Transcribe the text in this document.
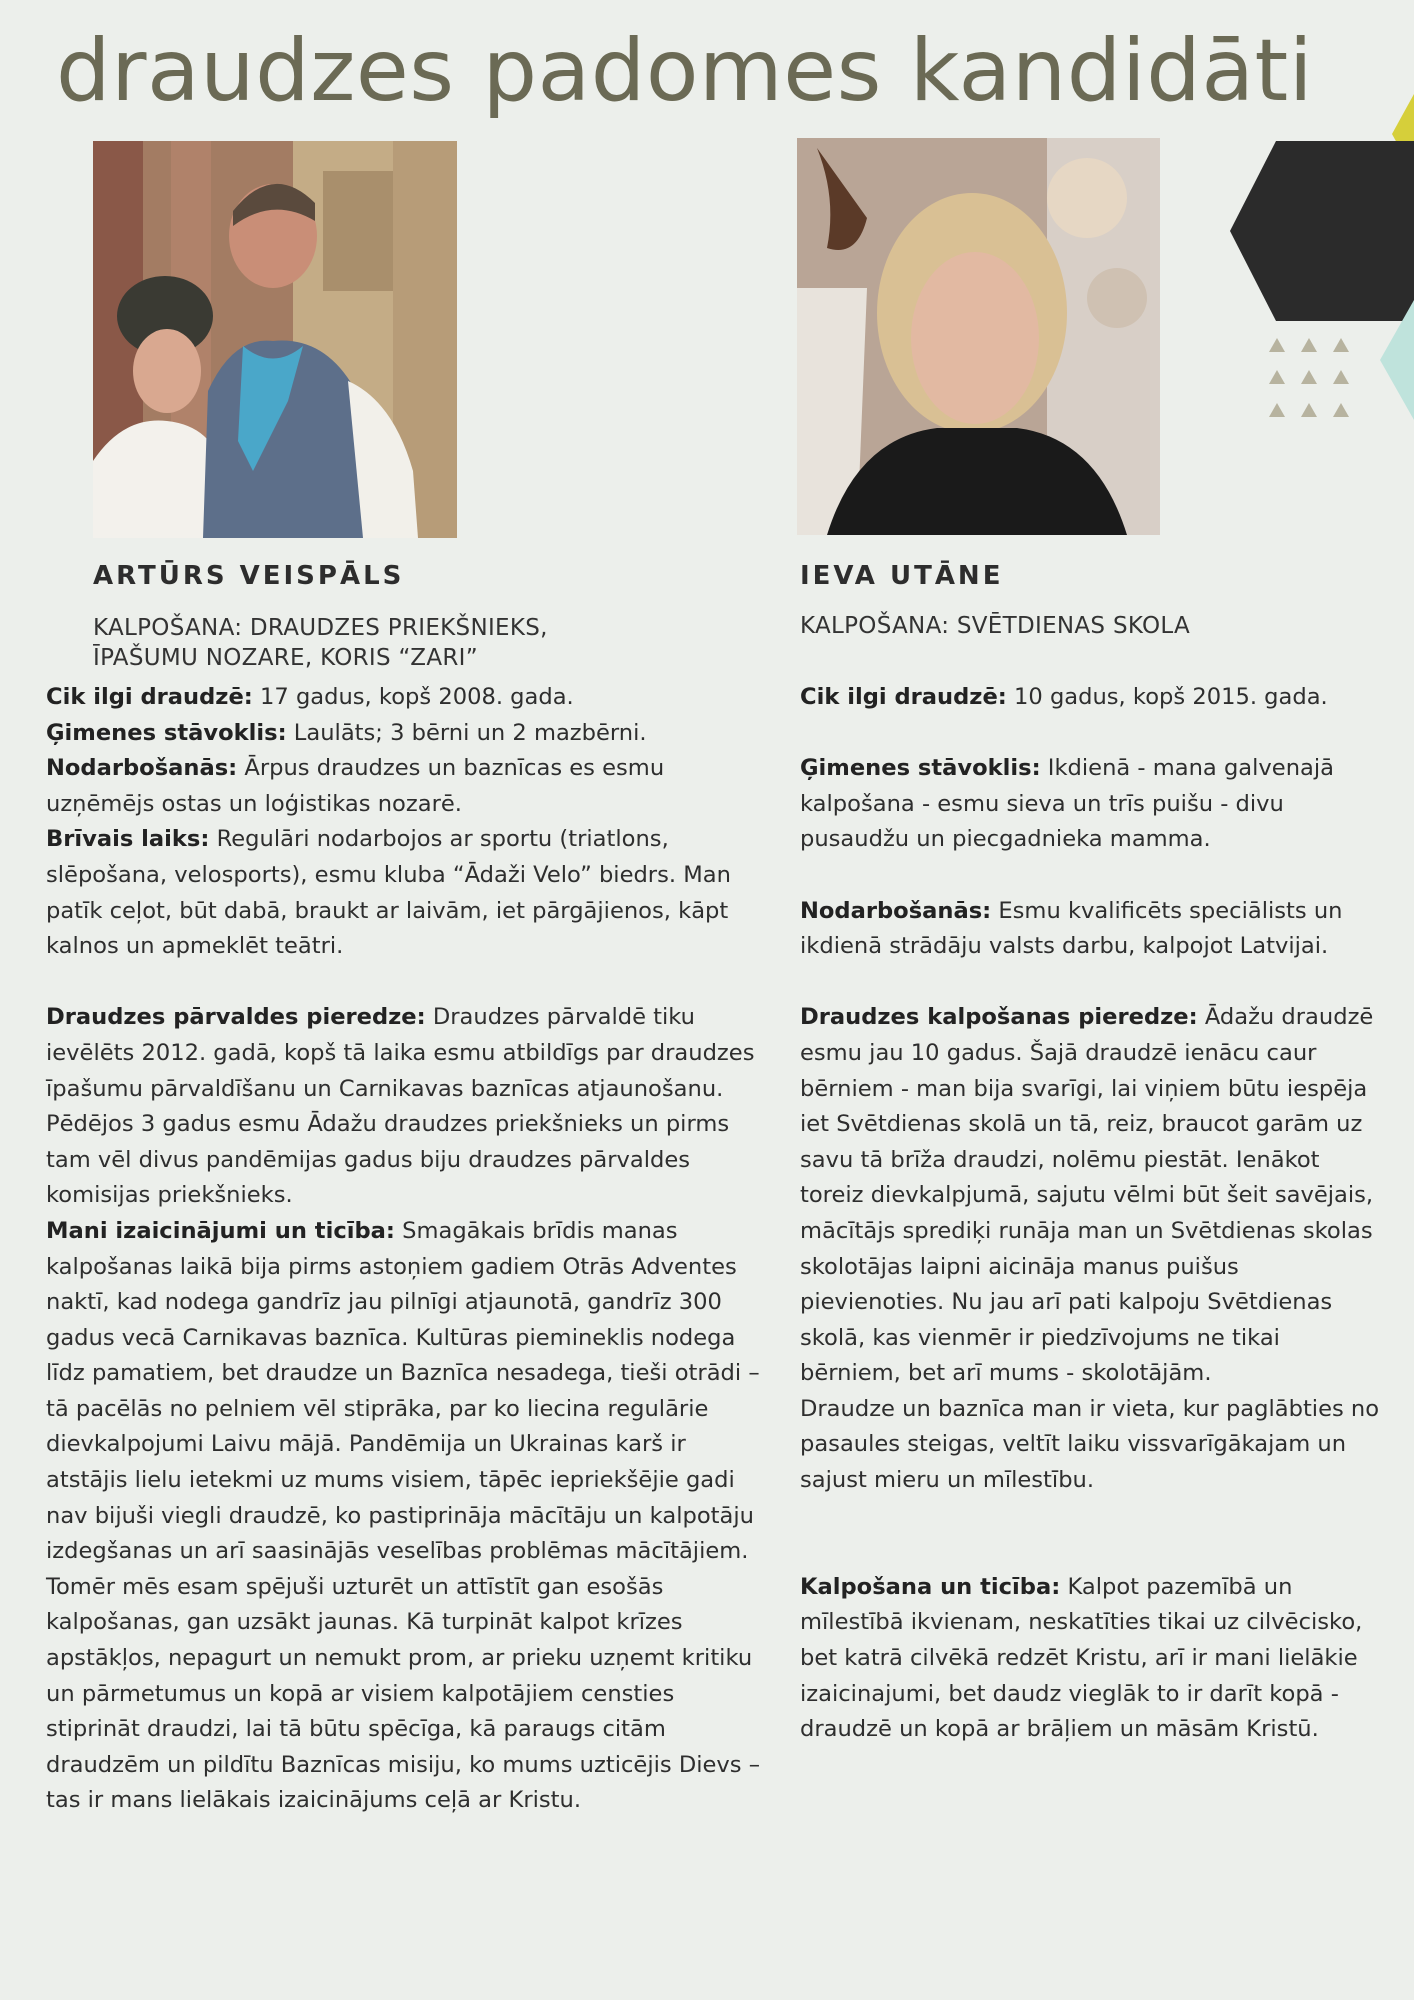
draudzes padomes kandidāti
ARTŪRS VEISPĀLS
KALPOŠANA: DRAUDZES PRIEKŠNIEKS,
ĪPAŠUMU NOZARE, KORIS “ZARI”

Cik ilgi draudzē: 17 gadus, kopš 2008. gada.

Ģimenes stāvoklis: Laulāts; 3 bērni un 2 mazbērni.

Nodarbošanās: Ārpus draudzes un baznīcas es esmu uzņēmējs ostas un loģistikas nozarē.

Brīvais laiks: Regulāri nodarbojos ar sportu (triatlons, slēpošana, velosports), esmu kluba “Ādaži Velo” biedrs. Man patīk ceļot, būt dabā, braukt ar laivām, iet pārgājienos, kāpt kalnos un apmeklēt teātri.

Draudzes pārvaldes pieredze: Draudzes pārvaldē tiku ievēlēts 2012. gadā, kopš tā laika esmu atbildīgs par draudzes īpašumu pārvaldīšanu un Carnikavas baznīcas atjaunošanu. Pēdējos 3 gadus esmu Ādažu draudzes priekšnieks un pirms tam vēl divus pandēmijas gadus biju draudzes pārvaldes komisijas priekšnieks.

Mani izaicinājumi un ticība: Smagākais brīdis manas kalpošanas laikā bija pirms astoņiem gadiem Otrās Adventes naktī, kad nodega gandrīz jau pilnīgi atjaunotā, gandrīz 300 gadus vecā Carnikavas baznīca. Kultūras piemineklis nodega līdz pamatiem, bet draudze un Baznīca nesadega, tieši otrādi – tā pacēlās no pelniem vēl stiprāka, par ko liecina regulārie dievkalpojumi Laivu mājā. Pandēmija un Ukrainas karš ir atstājis lielu ietekmi uz mums visiem, tāpēc iepriekšējie gadi nav bijuši viegli draudzē, ko pastiprināja mācītāju un kalpotāju izdegšanas un arī saasinājās veselības problēmas mācītājiem. Tomēr mēs esam spējuši uzturēt un attīstīt gan esošās kalpošanas, gan uzsākt jaunas. Kā turpināt kalpot krīzes apstākļos, nepagurt un nemukt prom, ar prieku uzņemt kritiku un pārmetumus un kopā ar visiem kalpotājiem censties stiprināt draudzi, lai tā būtu spēcīga, kā paraugs citām draudzēm un pildītu Baznīcas misiju, ko mums uzticējis Dievs – tas ir mans lielākais izaicinājums ceļā ar Kristu.

IEVA UTĀNE
KALPOŠANA: SVĒTDIENAS SKOLA

Cik ilgi draudzē: 10 gadus, kopš 2015. gada.

Ģimenes stāvoklis: Ikdienā - mana galvenajā kalpošana - esmu sieva un trīs puišu - divu pusaudžu un piecgadnieka mamma.

Nodarbošanās: Esmu kvalificēts speciālists un ikdienā strādāju valsts darbu, kalpojot Latvijai.

Draudzes kalpošanas pieredze: Ādažu draudzē esmu jau 10 gadus. Šajā draudzē ienācu caur bērniem - man bija svarīgi, lai viņiem būtu iespēja iet Svētdienas skolā un tā, reiz, braucot garām uz savu tā brīža draudzi, nolēmu piestāt. Ienākot toreiz dievkalpjumā, sajutu vēlmi būt šeit savējais, mācītājs sprediķi runāja man un Svētdienas skolas skolotājas laipni aicināja manus puišus pievienoties. Nu jau arī pati kalpoju Svētdienas skolā, kas vienmēr ir piedzīvojums ne tikai bērniem, bet arī mums - skolotājām.

Draudze un baznīca man ir vieta, kur paglābties no pasaules steigas, veltīt laiku vissvarīgākajam un sajust mieru un mīlestību.

Kalpošana un ticība: Kalpot pazemībā un mīlestībā ikvienam, neskatīties tikai uz cilvēcisko, bet katrā cilvēkā redzēt Kristu, arī ir mani lielākie izaicinajumi, bet daudz vieglāk to ir darīt kopā - draudzē un kopā ar brāļiem un māsām Kristū.
